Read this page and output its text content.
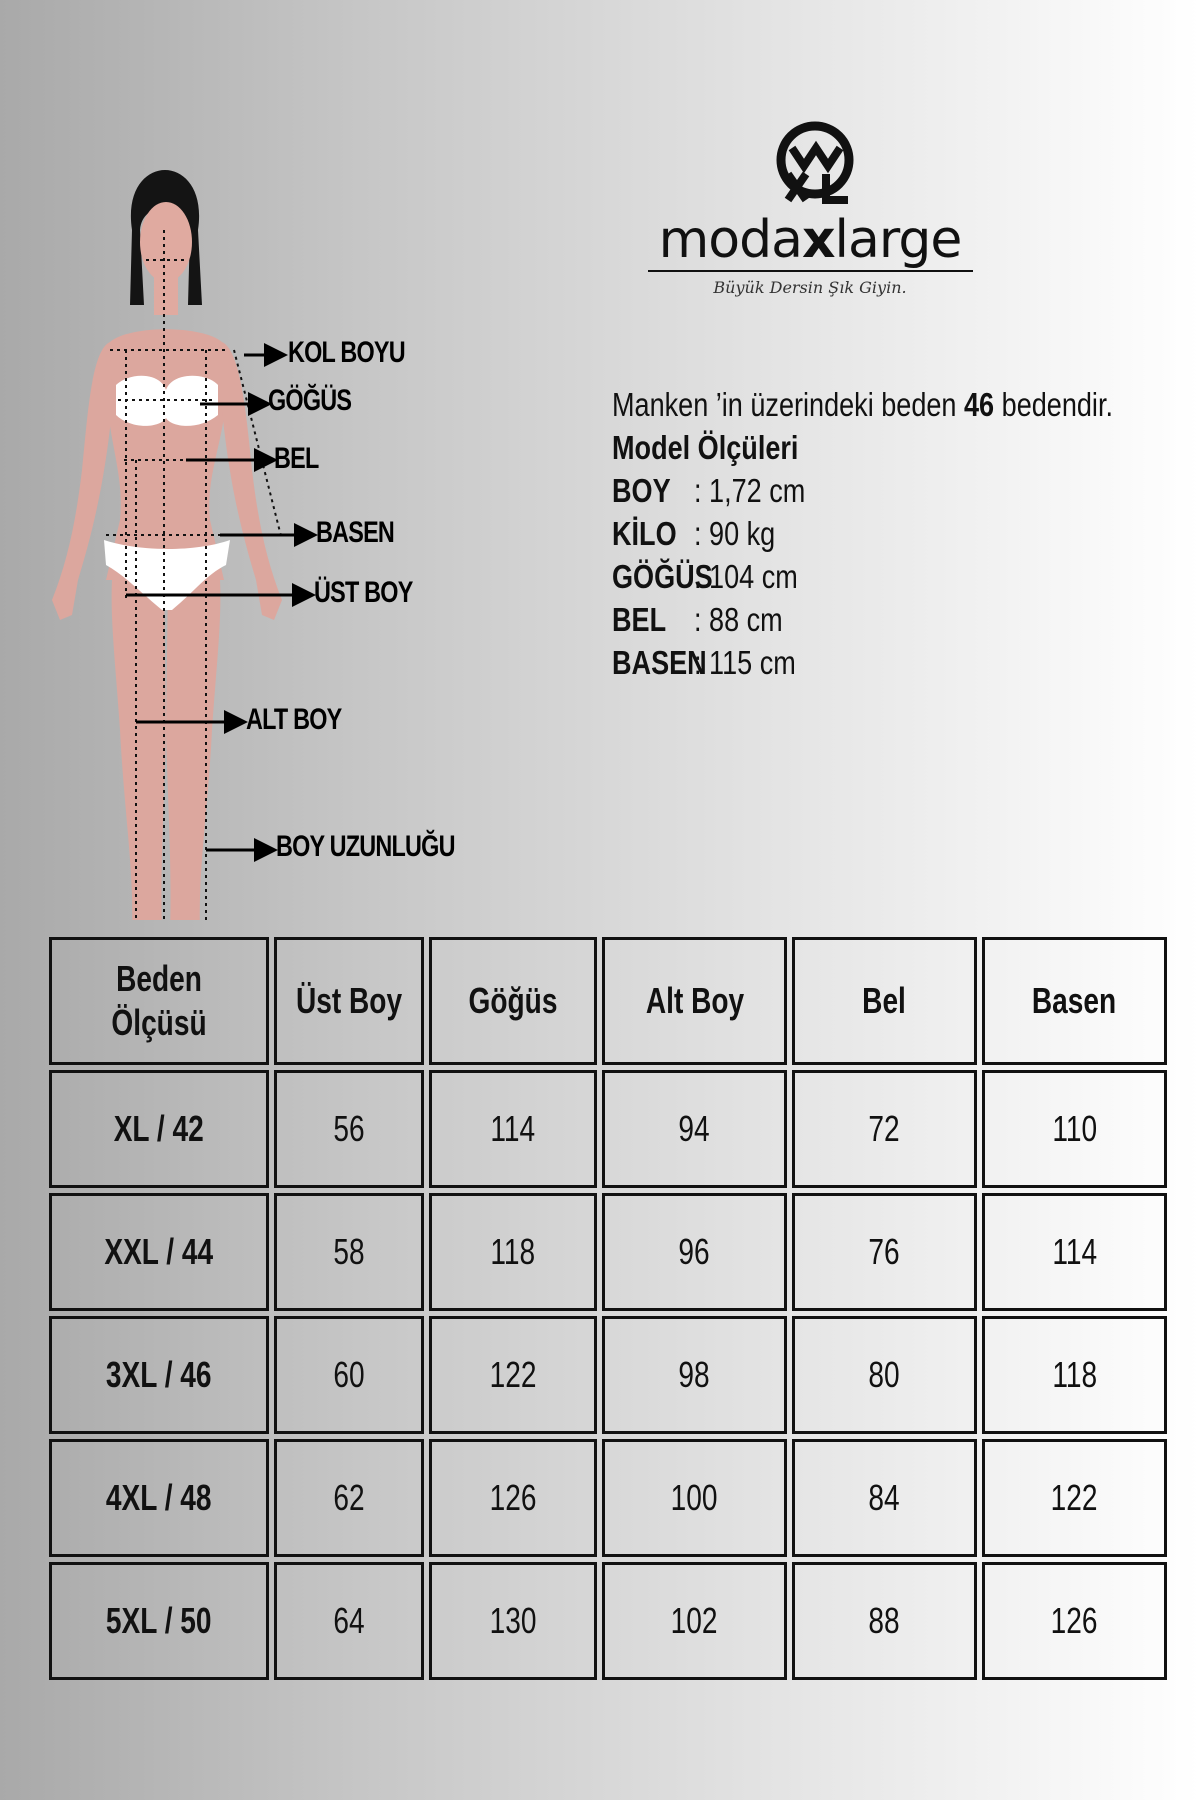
KOL BOYU
GÖĞÜS
BEL
BASEN
ÜST BOY
ALT BOY
BOY UZUNLUĞU
modaxlarge
Büyük Dersin Şık Giyin.
Manken ’in üzerindeki beden 46 bedendir.
Model Ölçüleri
BOY : 1,72 cm
KİLO : 90 kg
GÖĞÜS
: 104 cm
BEL : 88 cm
BASEN
: 115 cm
Beden
Ölçüsü	Üst Boy	Göğüs	Alt Boy	Bel	Basen
XL / 42	56	114	94	72	110
XXL / 44	58	118	96	76	114
3XL / 46	60	122	98	80	118
4XL / 48	62	126	100	84	122
5XL / 50	64	130	102	88	126
